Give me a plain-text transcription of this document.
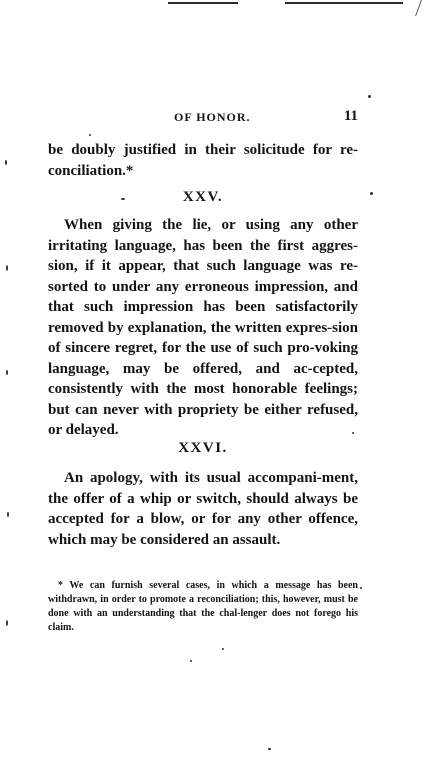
OF HONOR.	11
be doubly justified in their solicitude for re-conciliation.*
XXV.
When giving the lie, or using any other irritating language, has been the first aggres-sion, if it appear, that such language was re-sorted to under any erroneous impression, and that such impression has been satisfactorily removed by explanation, the written expres-sion of sincere regret, for the use of such pro-voking language, may be offered, and ac-cepted, consistently with the most honorable feelings; but can never with propriety be either refused, or delayed.
XXVI.
An apology, with its usual accompani-ment, the offer of a whip or switch, should always be accepted for a blow, or for any other offence, which may be considered an assault.
* We can furnish several cases, in which a message has been withdrawn, in order to promote a reconciliation; this, however, must be done with an understanding that the chal-lenger does not forego his claim.
